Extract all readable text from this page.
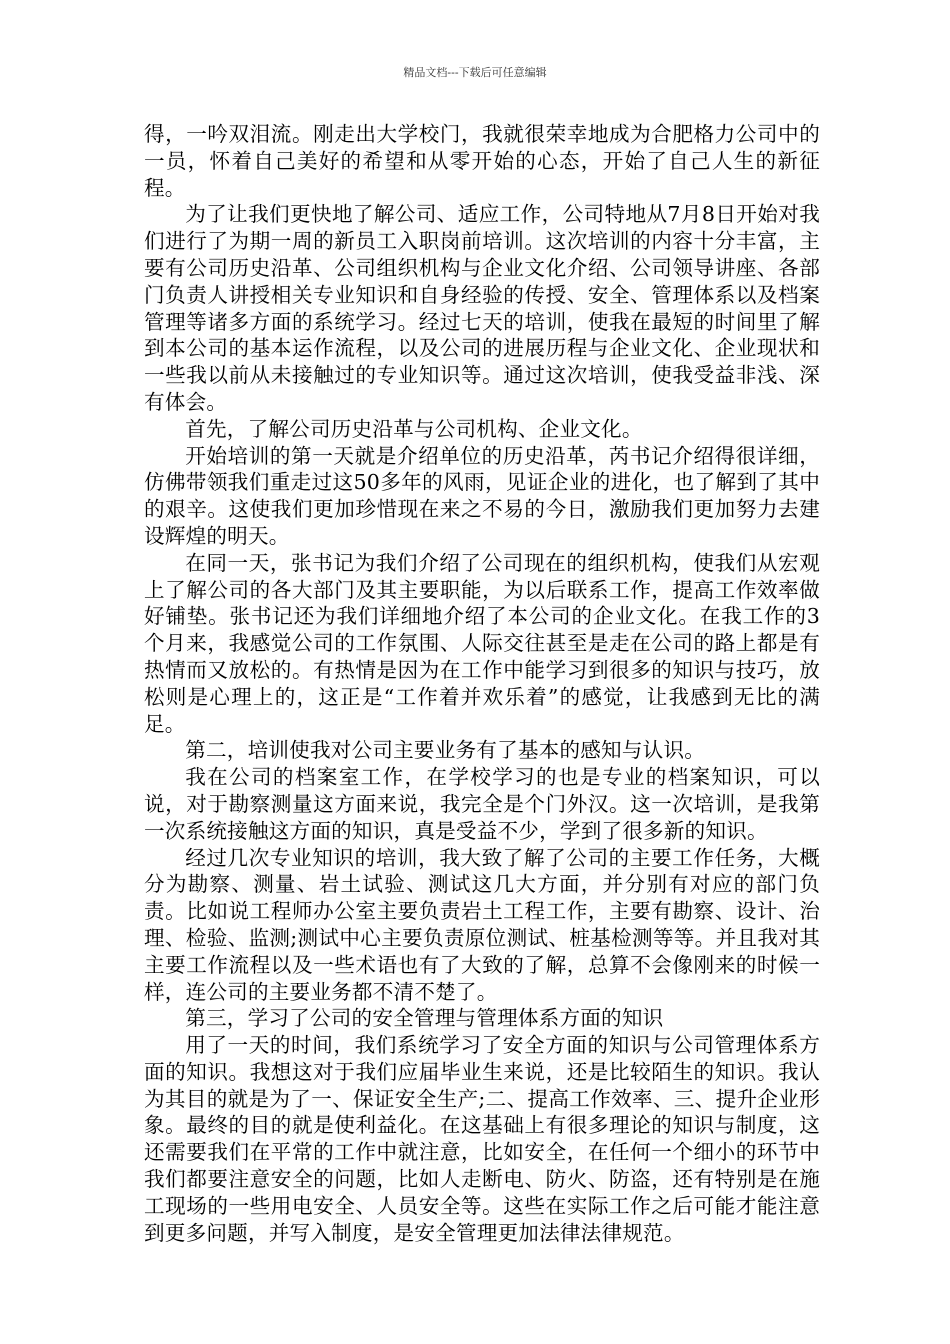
精品文档---下载后可任意编辑

得，一吟双泪流。刚走出大学校门，我就很荣幸地成为合肥格力公司中的一员，怀着自己美好的希望和从零开始的心态，开始了自己人生的新征程。

为了让我们更快地了解公司、适应工作，公司特地从7月8日开始对我们进行了为期一周的新员工入职岗前培训。这次培训的内容十分丰富，主要有公司历史沿革、公司组织机构与企业文化介绍、公司领导讲座、各部门负责人讲授相关专业知识和自身经验的传授、安全、管理体系以及档案管理等诸多方面的系统学习。经过七天的培训，使我在最短的时间里了解到本公司的基本运作流程，以及公司的进展历程与企业文化、企业现状和一些我以前从未接触过的专业知识等。通过这次培训，使我受益非浅、深有体会。

首先，了解公司历史沿革与公司机构、企业文化。

开始培训的第一天就是介绍单位的历史沿革，芮书记介绍得很详细，仿佛带领我们重走过这50多年的风雨，见证企业的进化，也了解到了其中的艰辛。这使我们更加珍惜现在来之不易的今日，激励我们更加努力去建设辉煌的明天。

在同一天，张书记为我们介绍了公司现在的组织机构，使我们从宏观上了解公司的各大部门及其主要职能，为以后联系工作，提高工作效率做好铺垫。张书记还为我们详细地介绍了本公司的企业文化。在我工作的3个月来，我感觉公司的工作氛围、人际交往甚至是走在公司的路上都是有热情而又放松的。有热情是因为在工作中能学习到很多的知识与技巧，放松则是心理上的，这正是“工作着并欢乐着”的感觉，让我感到无比的满足。

第二，培训使我对公司主要业务有了基本的感知与认识。

我在公司的档案室工作，在学校学习的也是专业的档案知识，可以说，对于勘察测量这方面来说，我完全是个门外汉。这一次培训，是我第一次系统接触这方面的知识，真是受益不少，学到了很多新的知识。

经过几次专业知识的培训，我大致了解了公司的主要工作任务，大概分为勘察、测量、岩土试验、测试这几大方面，并分别有对应的部门负责。比如说工程师办公室主要负责岩土工程工作，主要有勘察、设计、治理、检验、监测;测试中心主要负责原位测试、桩基检测等等。并且我对其主要工作流程以及一些术语也有了大致的了解，总算不会像刚来的时候一样，连公司的主要业务都不清不楚了。

第三，学习了公司的安全管理与管理体系方面的知识

用了一天的时间，我们系统学习了安全方面的知识与公司管理体系方面的知识。我想这对于我们应届毕业生来说，还是比较陌生的知识。我认为其目的就是为了一、保证安全生产;二、提高工作效率、三、提升企业形象。最终的目的就是使利益化。在这基础上有很多理论的知识与制度，这还需要我们在平常的工作中就注意，比如安全，在任何一个细小的环节中我们都要注意安全的问题，比如人走断电、防火、防盗，还有特别是在施工现场的一些用电安全、人员安全等。这些在实际工作之后可能才能注意到更多问题，并写入制度，是安全管理更加法律法律规范。
